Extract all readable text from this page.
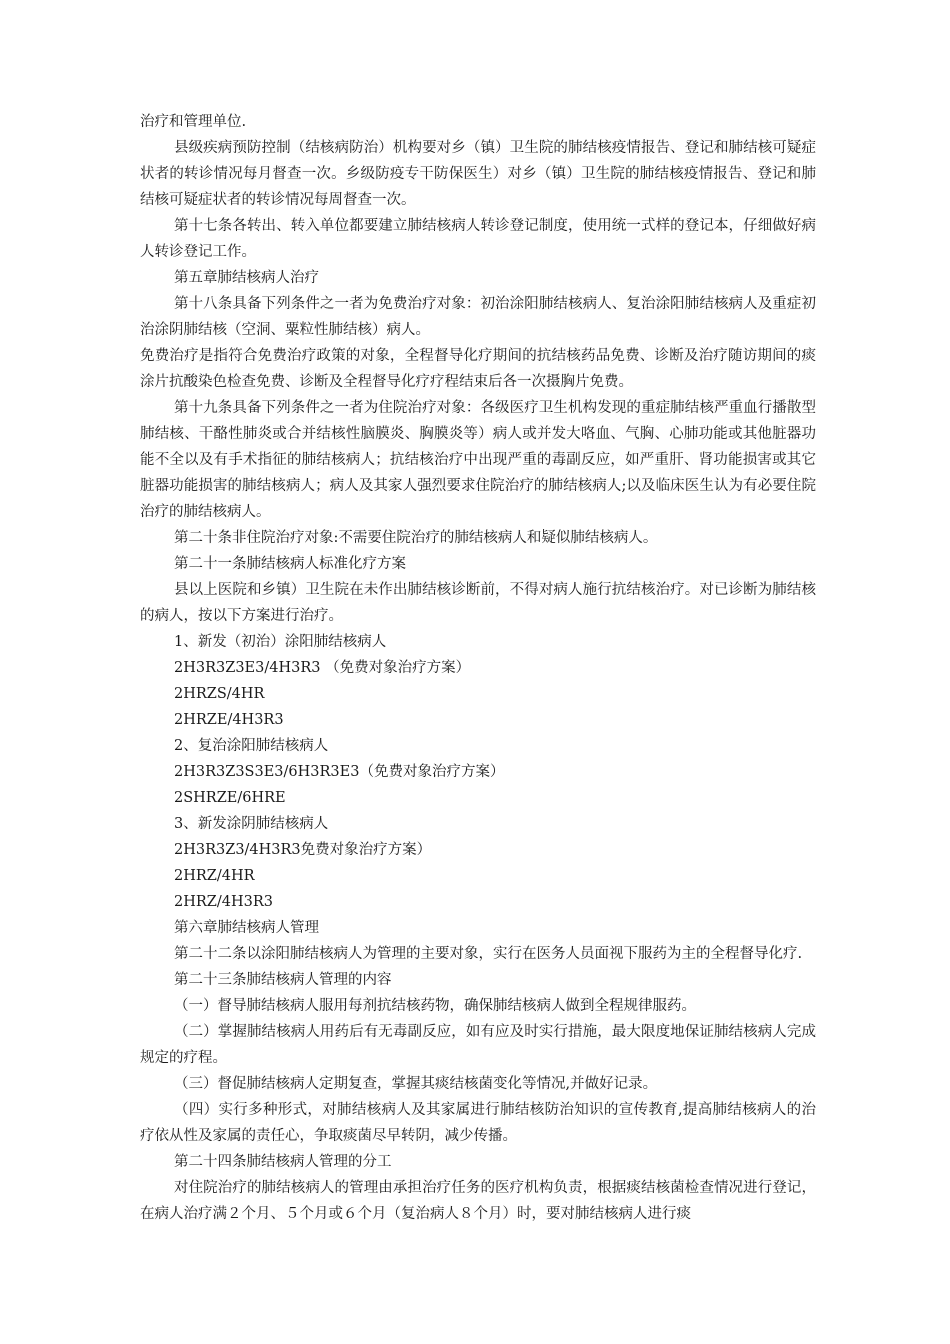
治疗和管理单位.

县级疾病预防控制（结核病防治）机构要对乡（镇）卫生院的肺结核疫情报告、登记和肺结核可疑症状者的转诊情况每月督查一次。乡级防疫专干防保医生）对乡（镇）卫生院的肺结核疫情报告、登记和肺结核可疑症状者的转诊情况每周督查一次。

第十七条各转出、转入单位都要建立肺结核病人转诊登记制度，使用统一式样的登记本，仔细做好病人转诊登记工作。

第五章肺结核病人治疗

第十八条具备下列条件之一者为免费治疗对象：初治涂阳肺结核病人、复治涂阳肺结核病人及重症初治涂阴肺结核（空洞、粟粒性肺结核）病人。

免费治疗是指符合免费治疗政策的对象，全程督导化疗期间的抗结核药品免费、诊断及治疗随访期间的痰涂片抗酸染色检查免费、诊断及全程督导化疗疗程结束后各一次摄胸片免费。

第十九条具备下列条件之一者为住院治疗对象：各级医疗卫生机构发现的重症肺结核严重血行播散型肺结核、干酪性肺炎或合并结核性脑膜炎、胸膜炎等）病人或并发大咯血、气胸、心肺功能或其他脏器功能不全以及有手术指征的肺结核病人；抗结核治疗中出现严重的毒副反应，如严重肝、肾功能损害或其它脏器功能损害的肺结核病人；病人及其家人强烈要求住院治疗的肺结核病人;以及临床医生认为有必要住院治疗的肺结核病人。

第二十条非住院治疗对象:不需要住院治疗的肺结核病人和疑似肺结核病人。

第二十一条肺结核病人标准化疗方案

县以上医院和乡镇）卫生院在未作出肺结核诊断前，不得对病人施行抗结核治疗。对已诊断为肺结核的病人，按以下方案进行治疗。

1、新发（初治）涂阳肺结核病人

2H3R3Z3E3/4H3R3 （免费对象治疗方案）

2HRZS/4HR

2HRZE/4H3R3

2、复治涂阳肺结核病人

2H3R3Z3S3E3/6H3R3E3（免费对象治疗方案）

2SHRZE/6HRE

3、新发涂阴肺结核病人

2H3R3Z3/4H3R3免费对象治疗方案）

2HRZ/4HR

2HRZ/4H3R3

第六章肺结核病人管理

第二十二条以涂阳肺结核病人为管理的主要对象，实行在医务人员面视下服药为主的全程督导化疗.

第二十三条肺结核病人管理的内容

（一）督导肺结核病人服用每剂抗结核药物，确保肺结核病人做到全程规律服药。

（二）掌握肺结核病人用药后有无毒副反应，如有应及时实行措施，最大限度地保证肺结核病人完成规定的疗程。

（三）督促肺结核病人定期复查，掌握其痰结核菌变化等情况,并做好记录。

（四）实行多种形式，对肺结核病人及其家属进行肺结核防治知识的宣传教育,提高肺结核病人的治疗依从性及家属的责任心，争取痰菌尽早转阴，减少传播。

第二十四条肺结核病人管理的分工

对住院治疗的肺结核病人的管理由承担治疗任务的医疗机构负责，根据痰结核菌检查情况进行登记，在病人治疗满２个月、５个月或６个月（复治病人８个月）时，要对肺结核病人进行痰
